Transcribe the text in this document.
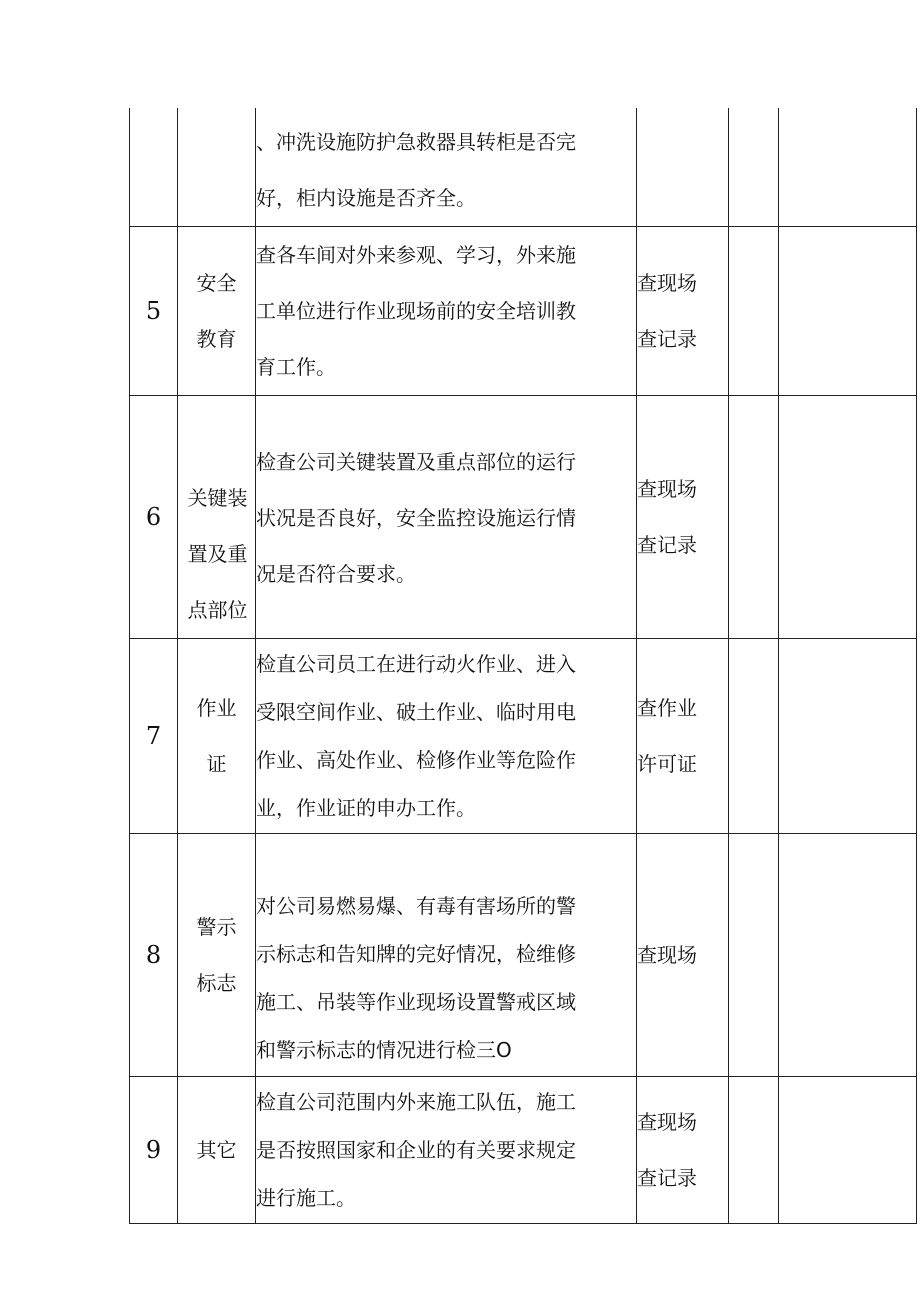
		、冲洗设施防护急救器具转柜是否完
好，柜内设施是否齐全。			

5	安全
教育	查各车间对外来参观、学习，外来施
工单位进行作业现场前的安全培训教
育工作。	查现场
查记录		

6	关键装
置及重
点部位	检查公司关键装置及重点部位的运行
状况是否良好，安全监控设施运行情
况是否符合要求。	查现场
查记录		

7	作业
证	检直公司员工在进行动火作业、进入
受限空间作业、破土作业、临时用电
作业、高处作业、检修作业等危险作
业，作业证的申办工作。	查作业
许可证		

8	警示
标志	对公司易燃易爆、有毒有害场所的警
示标志和告知牌的完好情况，检维修
施工、吊装等作业现场设置警戒区域
和警示标志的情况进行检三O	查现场		

9	其它	检直公司范围内外来施工队伍，施工
是否按照国家和企业的有关要求规定
进行施工。	查现场
查记录		
